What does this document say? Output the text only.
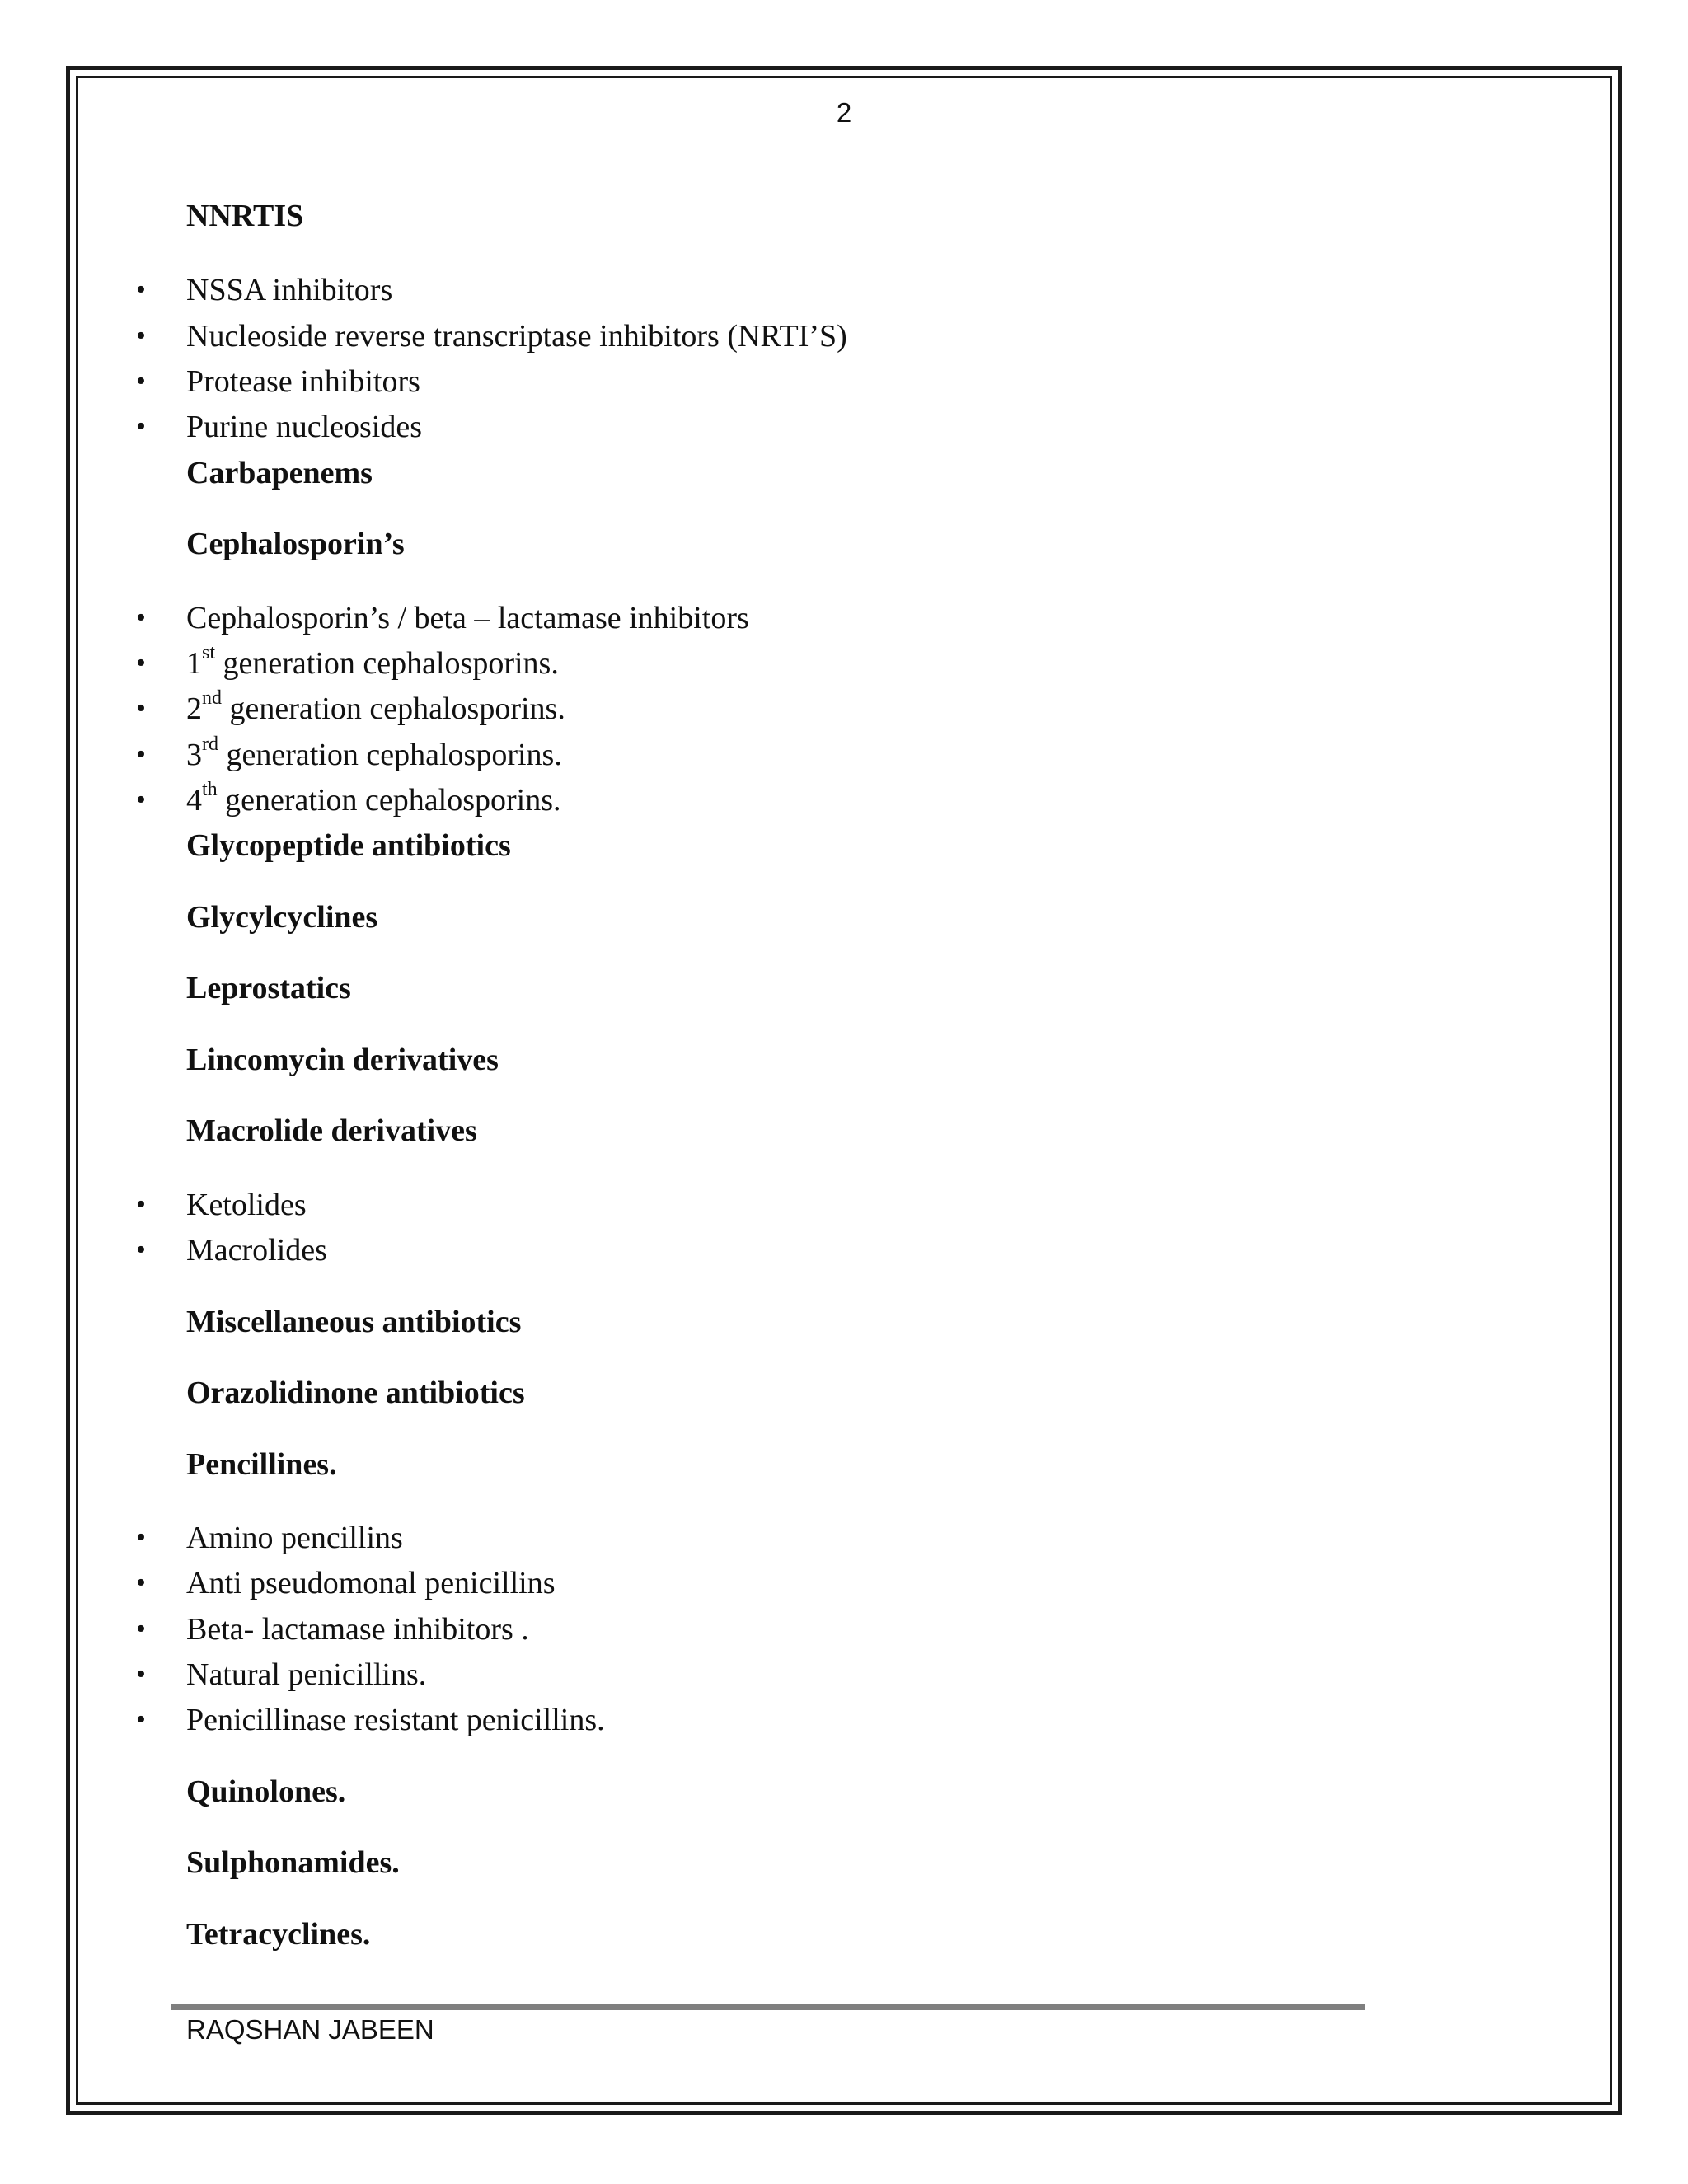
2
NNRTIS
• NSSA inhibitors
• Nucleoside reverse transcriptase inhibitors (NRTI’S)
• Protease inhibitors
• Purine nucleosides
Carbapenems
Cephalosporin’s
• Cephalosporin’s / beta – lactamase inhibitors
• 1st generation cephalosporins.
• 2nd generation cephalosporins.
• 3rd generation cephalosporins.
• 4th generation cephalosporins.
Glycopeptide antibiotics
Glycylcyclines
Leprostatics
Lincomycin derivatives
Macrolide derivatives
• Ketolides
• Macrolides
Miscellaneous antibiotics
Orazolidinone antibiotics
Pencillines.
• Amino pencillins
• Anti pseudomonal penicillins
• Beta- lactamase inhibitors .
• Natural penicillins.
• Penicillinase resistant penicillins.
Quinolones.
Sulphonamides.
Tetracyclines.
RAQSHAN JABEEN
